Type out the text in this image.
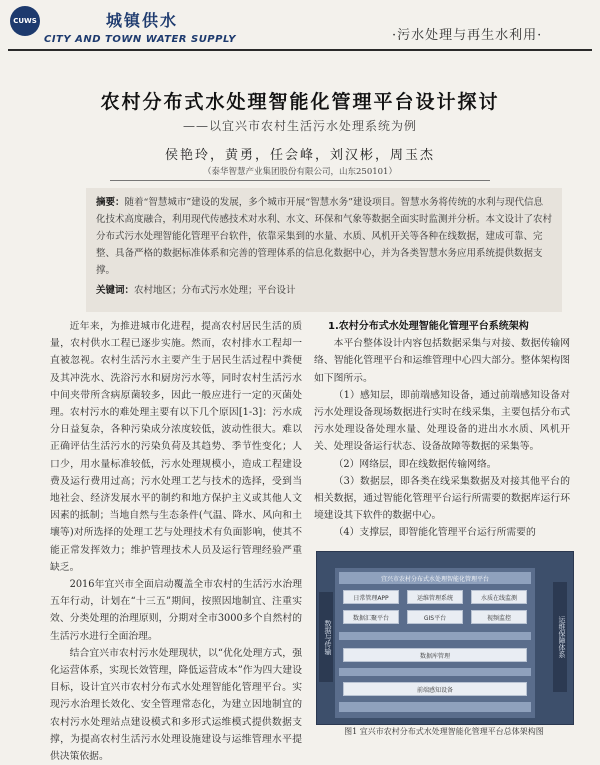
CUWS	城镇供水
CITY AND TOWN WATER SUPPLY	·污水处理与再生水利用·
农村分布式水处理智能化管理平台设计探讨
——以宜兴市农村生活污水处理系统为例
侯艳玲，黄勇，任会峰，刘汉彬，周玉杰
（泰华智慧产业集团股份有限公司，山东250101）
摘要：随着“智慧城市”建设的发展，多个城市开展“智慧水务”建设项目。智慧水务将传统的水利与现代信息化技术高度融合，利用现代传感技术对水利、水文、环保和气象等数据全面实时监测并分析。本文设计了农村分布式污水处理智能化管理平台软件，依靠采集到的水量、水质、风机开关等各种在线数据，建成可靠、完整、具备严格的数据标准体系和完善的管理体系的信息化数据中心，并为各类智慧水务应用系统提供数据支撑。
关键词：农村地区；分布式污水处理；平台设计

近年来，为推进城市化进程，提高农村居民生活的质量，农村供水工程已逐步实施。然而，农村排水工程却一直被忽视。农村生活污水主要产生于居民生活过程中粪便及其冲洗水、洗浴污水和厨房污水等，同时农村生活污水中间夹带所含病原菌较多，因此一般应进行一定的灭菌处理。农村污水的难处理主要有以下几个原因[1-3]：污水成分日益复杂，各种污染成分浓度较低，波动性很大。难以正确评估生活污水的污染负荷及其趋势、季节性变化；人口少，用水量标准较低，污水处理规模小，造成工程建设费及运行费用过高；污水处理工艺与技术的选择，受到当地社会、经济发展水平的制约和地方保护主义或其他人文因素的抵制；当地自然与生态条件(气温、降水、风向和土壤等)对所选择的处理工艺与处理技术有负面影响，使其不能正常发挥效力；维护管理技术人员及运行管理经验严重缺乏。

2016年宜兴市全面启动覆盖全市农村的生活污水治理五年行动，计划在“十三五”期间，按照因地制宜、注重实效、分类处理的治理原则，分期对全市3000多个自然村的生活污水进行全面治理。

结合宜兴市农村污水处理现状，以“优化处理方式，强化运营体系，实现长效管理，降低运营成本”作为四大建设目标，设计宜兴市农村分布式水处理智能化管理平台。实现污水治理长效化、安全管理常态化，为建立因地制宜的农村污水处理站点建设模式和多形式运维模式提供数据支撑，为提高农村生活污水处理设施建设与运维管理水平提供决策依据。

1.农村分布式水处理智能化管理平台系统架构

本平台整体设计内容包括数据采集与对接、数据传输网络、智能化管理平台和运维管理中心四大部分。整体架构图如下图所示。

（1）感知层，即前端感知设备，通过前端感知设备对污水处理设备现场数据进行实时在线采集，主要包括分布式污水处理设备处理水量、处理设备的进出水水质、风机开关、处理设备运行状态、设备故障等数据的采集等。

（2）网络层，即在线数据传输网络。

（3）数据层，即各类在线采集数据及对接其他平台的相关数据，通过智能化管理平台运行所需要的数据库运行环境建设其下软件的数据中心。

（4）支撑层，即智能化管理平台运行所需要的

数据与传输
宜兴市农村分布式水处理智能化管理平台
日常管理APP	运维管理系统	水质在线监测
数据汇聚平台	GIS平台	视频监控
数据库管理
前端感知设备
运维保障体系
图1 宜兴市农村分布式水处理智能化管理平台总体架构图
